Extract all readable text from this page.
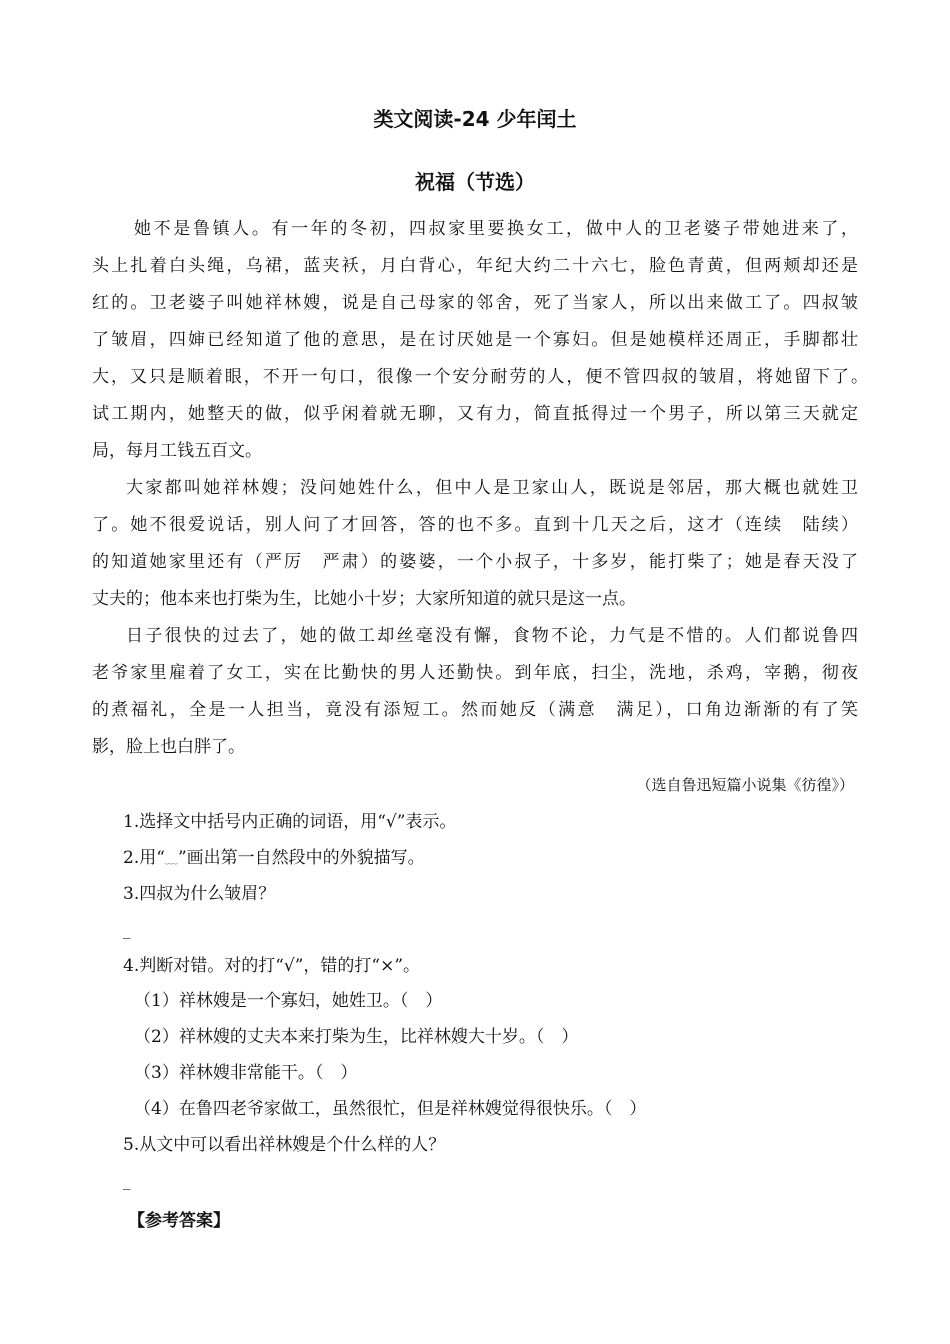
类文阅读-24 少年闰土
祝福（节选）
她不是鲁镇人。有一年的冬初，四叔家里要换女工，做中人的卫老婆子带她进来了，
头上扎着白头绳，乌裙，蓝夹袄，月白背心，年纪大约二十六七，脸色青黄，但两颊却还是
红的。卫老婆子叫她祥林嫂，说是自己母家的邻舍，死了当家人，所以出来做工了。四叔皱
了皱眉，四婶已经知道了他的意思，是在讨厌她是一个寡妇。但是她模样还周正，手脚都壮
大，又只是顺着眼，不开一句口，很像一个安分耐劳的人，便不管四叔的皱眉，将她留下了。
试工期内，她整天的做，似乎闲着就无聊，又有力，简直抵得过一个男子，所以第三天就定
局，每月工钱五百文。
大家都叫她祥林嫂；没问她姓什么，但中人是卫家山人，既说是邻居，那大概也就姓卫
了。她不很爱说话，别人问了才回答，答的也不多。直到十几天之后，这才（连续　陆续）
的知道她家里还有（严厉　严肃）的婆婆，一个小叔子，十多岁，能打柴了；她是春天没了
丈夫的；他本来也打柴为生，比她小十岁；大家所知道的就只是这一点。
日子很快的过去了，她的做工却丝毫没有懈，食物不论，力气是不惜的。人们都说鲁四
老爷家里雇着了女工，实在比勤快的男人还勤快。到年底，扫尘，洗地，杀鸡，宰鹅，彻夜
的煮福礼，全是一人担当，竟没有添短工。然而她反（满意　满足），口角边渐渐的有了笑
影，脸上也白胖了。
（选自鲁迅短篇小说集《彷徨》）
1.选择文中括号内正确的词语，用“√”表示。
2.用“﹏”画出第一自然段中的外貌描写。
3.四叔为什么皱眉？
_
4.判断对错。对的打“√”，错的打“×”。
（1）祥林嫂是一个寡妇，她姓卫。（　）
（2）祥林嫂的丈夫本来打柴为生，比祥林嫂大十岁。（　）
（3）祥林嫂非常能干。（　）
（4）在鲁四老爷家做工，虽然很忙，但是祥林嫂觉得很快乐。（　）
5.从文中可以看出祥林嫂是个什么样的人？
_
【参考答案】
